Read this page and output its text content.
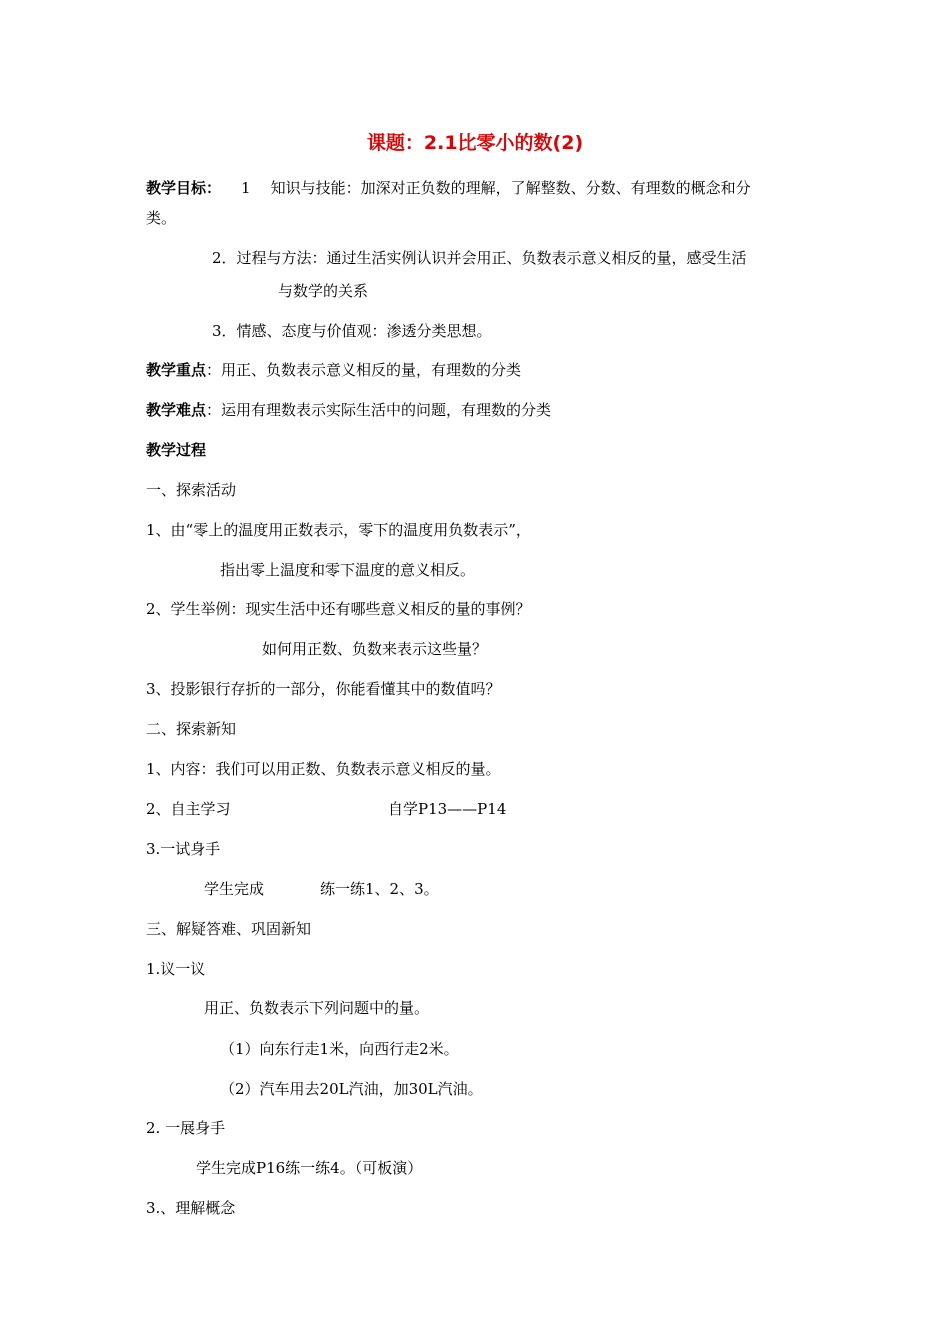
课题：2.1比零小的数(2)
教学目标： 1 知识与技能：加深对正负数的理解，了解整数、分数、有理数的概念和分
类。
2．过程与方法：通过生活实例认识并会用正、负数表示意义相反的量，感受生活
与数学的关系
3．情感、态度与价值观：渗透分类思想。
教学重点：用正、负数表示意义相反的量，有理数的分类
教学难点：运用有理数表示实际生活中的问题，有理数的分类
教学过程
一、探索活动
1、由“零上的温度用正数表示，零下的温度用负数表示”，
指出零上温度和零下温度的意义相反。
2、学生举例：现实生活中还有哪些意义相反的量的事例？
如何用正数、负数来表示这些量？
3、投影银行存折的一部分，你能看懂其中的数值吗？
二、探索新知
1、内容：我们可以用正数、负数表示意义相反的量。
2、自主学习	自学P13——P14
3.一试身手
学生完成	练一练1、2、3。
三、解疑答难、巩固新知
1.议一议
用正、负数表示下列问题中的量。
（1）向东行走1米，向西行走2米。
（2）汽车用去20L汽油，加30L汽油。
2. 一展身手
学生完成P16练一练4。（可板演）
3.、理解概念
